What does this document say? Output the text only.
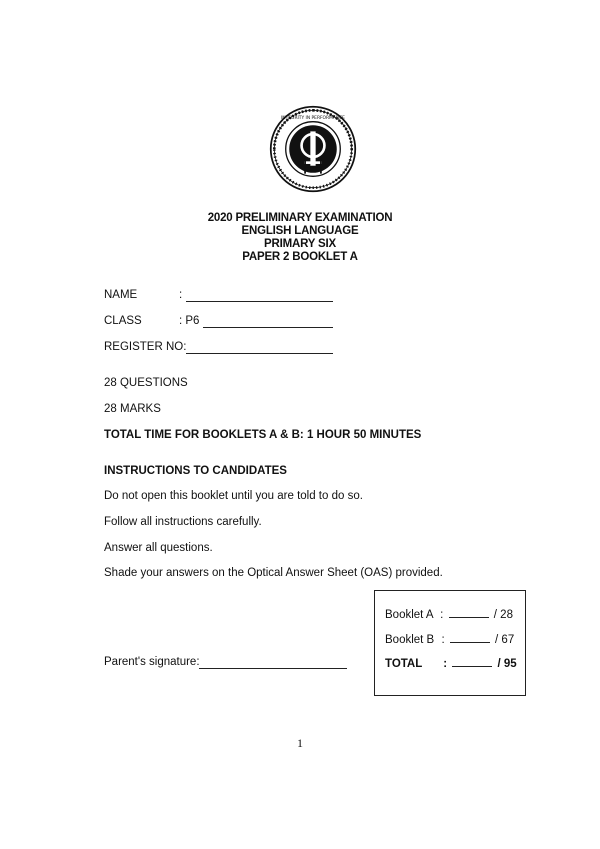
INTEGRITY IN PERFORMANCE
2020 PRELIMINARY EXAMINATION
ENGLISH LANGUAGE
PRIMARY SIX
PAPER 2 BOOKLET A
NAME	:
CLASS	: P6
REGISTER NO:
28 QUESTIONS
28 MARKS
TOTAL TIME FOR BOOKLETS A & B: 1 HOUR 50 MINUTES
INSTRUCTIONS TO CANDIDATES
Do not open this booklet until you are told to do so.
Follow all instructions carefully.
Answer all questions.
Shade your answers on the Optical Answer Sheet (OAS) provided.
Parent's signature:
Booklet A :	/ 28
Booklet B :	/ 67
TOTAL :	/ 95
1
